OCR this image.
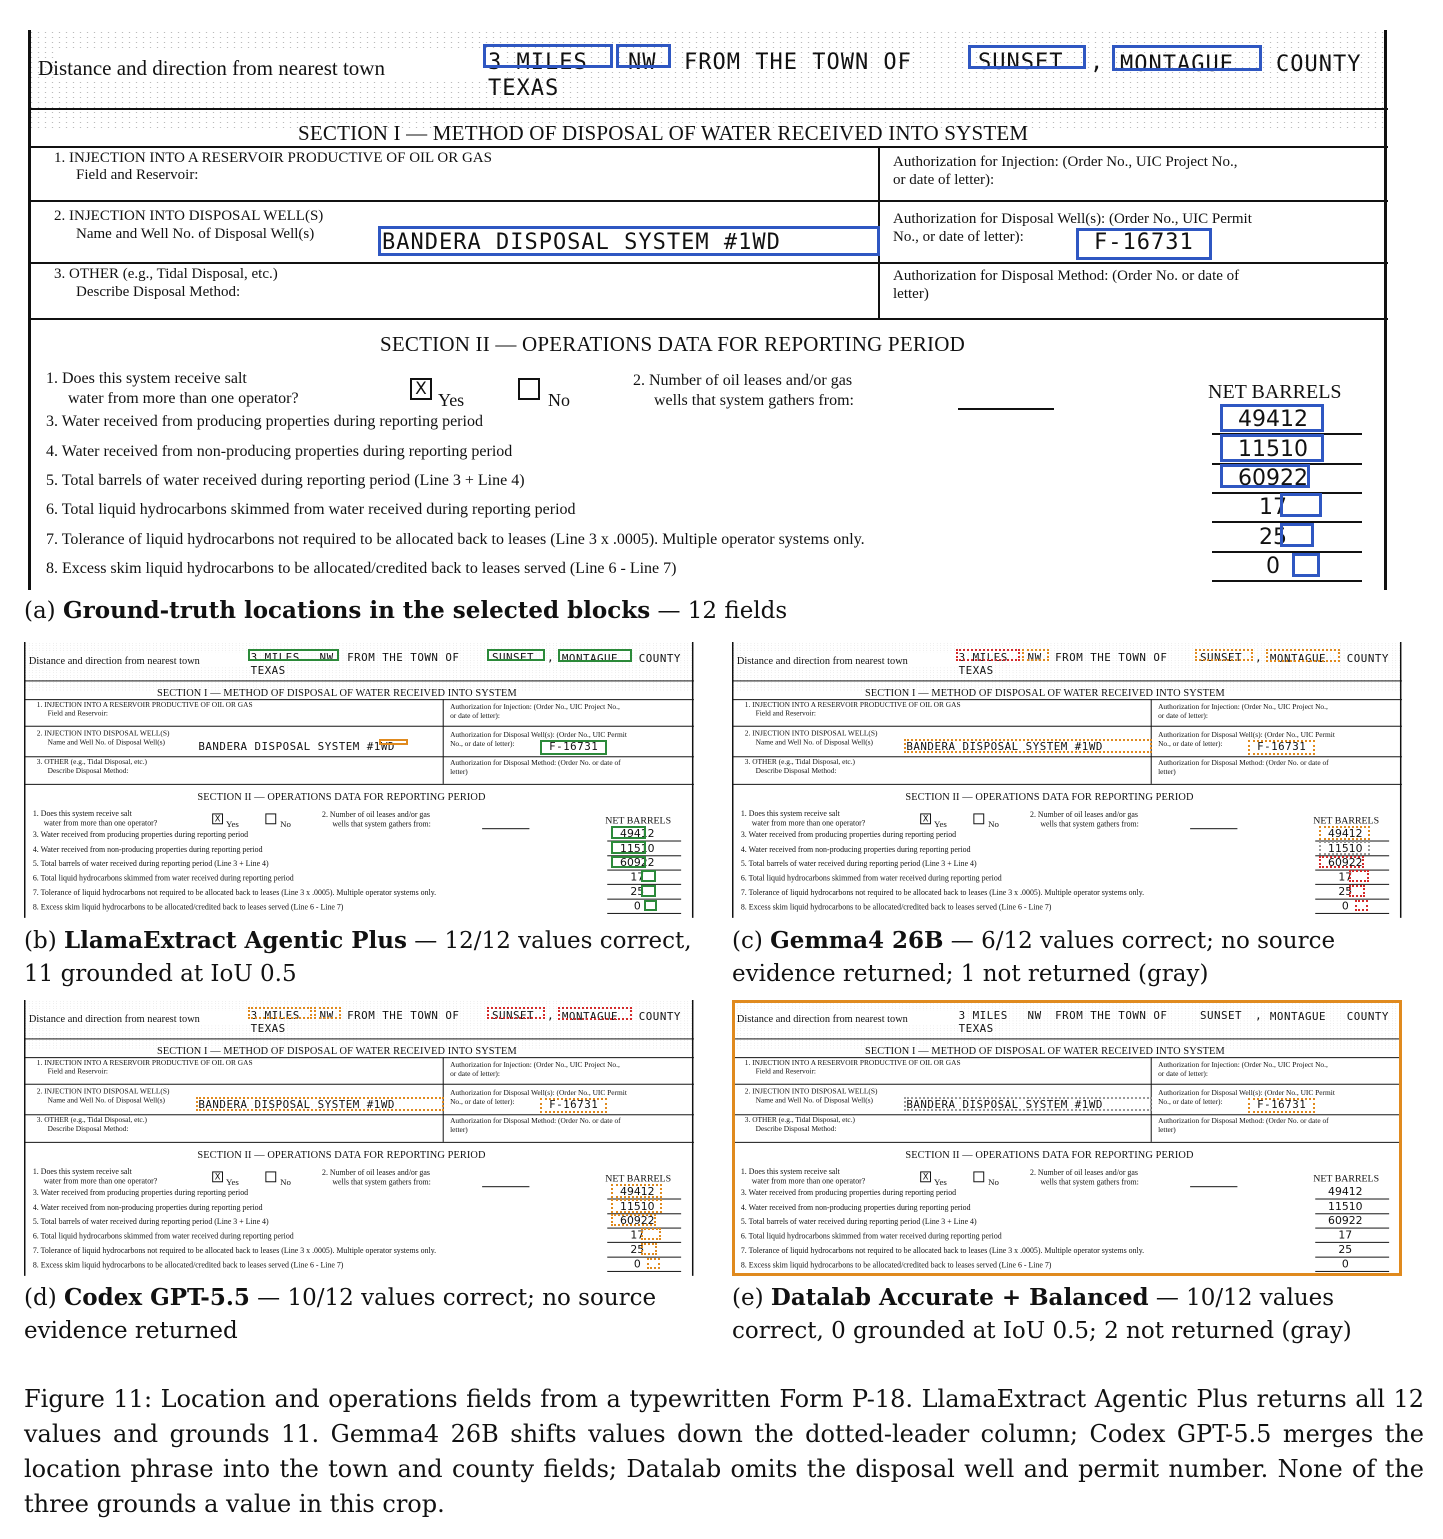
Distance and direction from nearest town	3 MILES NW FROM THE TOWN OF	SUNSET , MONTAGUE COUNTY
TEXAS
SECTION I — METHOD OF DISPOSAL OF WATER RECEIVED INTO SYSTEM
1. INJECTION INTO A RESERVOIR PRODUCTIVE OF OIL OR GAS
Field and Reservoir:
Authorization for Injection: (Order No., UIC Project No.,
or date of letter):
2. INJECTION INTO DISPOSAL WELL(S)
Name and Well No. of Disposal Well(s)	BANDERA DISPOSAL SYSTEM #1WD
Authorization for Disposal Well(s): (Order No., UIC Permit
No., or date of letter):	F-16731
3. OTHER (e.g., Tidal Disposal, etc.)
Describe Disposal Method:
Authorization for Disposal Method: (Order No. or date of
letter)
SECTION II — OPERATIONS DATA FOR REPORTING PERIOD
1. Does this system receive salt
water from more than one operator?	X
Yes	No
2. Number of oil leases and/or gas
wells that system gathers from:	NET BARRELS
3. Water received from producing properties during reporting period	49412
4. Water received from non-producing properties during reporting period	11510
5. Total barrels of water received during reporting period (Line 3 + Line 4)	60922
6. Total liquid hydrocarbons skimmed from water received during reporting period	17
7. Tolerance of liquid hydrocarbons not required to be allocated back to leases (Line 3 x .0005). Multiple operator systems only.	25
8. Excess skim liquid hydrocarbons to be allocated/credited back to leases served (Line 6 - Line 7)	0
(a) Ground-truth locations in the selected blocks — 12 fields
Distance and direction from nearest town 3 MILES NW FROM THE TOWN OF SUNSET , MONTAGUE COUNTY
TEXAS
SECTION I — METHOD OF DISPOSAL OF WATER RECEIVED INTO SYSTEM
1. INJECTION INTO A RESERVOIR PRODUCTIVE OF OIL OR GAS
Field and Reservoir:
Authorization for Injection: (Order No., UIC Project No.,
or date of letter):
2. INJECTION INTO DISPOSAL WELL(S)
Name and Well No. of Disposal Well(s) BANDERA DISPOSAL SYSTEM #1WD
Authorization for Disposal Well(s): (Order No., UIC Permit
No., or date of letter): F-16731
3. OTHER (e.g., Tidal Disposal, etc.)
Describe Disposal Method:
Authorization for Disposal Method: (Order No. or date of
letter)
SECTION II — OPERATIONS DATA FOR REPORTING PERIOD
1. Does this system receive salt
water from more than one operator?	X
Yes No
2. Number of oil leases and/or gas
wells that system gathers from:	NET BARRELS
3. Water received from producing properties during reporting period	49412
4. Water received from non-producing properties during reporting period	11510
5. Total barrels of water received during reporting period (Line 3 + Line 4)	60922
6. Total liquid hydrocarbons skimmed from water received during reporting period	17
7. Tolerance of liquid hydrocarbons not required to be allocated back to leases (Line 3 x .0005). Multiple operator systems only.	25
8. Excess skim liquid hydrocarbons to be allocated/credited back to leases served (Line 6 - Line 7)	0
(b) LlamaExtract Agentic Plus — 12/12 values correct, 11 grounded at IoU 0.5
Distance and direction from nearest town 3 MILES NW FROM THE TOWN OF SUNSET , MONTAGUE COUNTY
TEXAS
SECTION I — METHOD OF DISPOSAL OF WATER RECEIVED INTO SYSTEM
1. INJECTION INTO A RESERVOIR PRODUCTIVE OF OIL OR GAS
Field and Reservoir:
Authorization for Injection: (Order No., UIC Project No.,
or date of letter):
2. INJECTION INTO DISPOSAL WELL(S)
Name and Well No. of Disposal Well(s) BANDERA DISPOSAL SYSTEM #1WD
Authorization for Disposal Well(s): (Order No., UIC Permit
No., or date of letter): F-16731
3. OTHER (e.g., Tidal Disposal, etc.)
Describe Disposal Method:
Authorization for Disposal Method: (Order No. or date of
letter)
SECTION II — OPERATIONS DATA FOR REPORTING PERIOD
1. Does this system receive salt
water from more than one operator?	X
Yes No
2. Number of oil leases and/or gas
wells that system gathers from:	NET BARRELS
3. Water received from producing properties during reporting period	49412
4. Water received from non-producing properties during reporting period	11510
5. Total barrels of water received during reporting period (Line 3 + Line 4)	60922
6. Total liquid hydrocarbons skimmed from water received during reporting period	17
7. Tolerance of liquid hydrocarbons not required to be allocated back to leases (Line 3 x .0005). Multiple operator systems only.	25
8. Excess skim liquid hydrocarbons to be allocated/credited back to leases served (Line 6 - Line 7)	0
(c) Gemma4 26B — 6/12 values correct; no source evidence returned; 1 not returned (gray)
Distance and direction from nearest town 3 MILES NW FROM THE TOWN OF SUNSET , MONTAGUE COUNTY
TEXAS
SECTION I — METHOD OF DISPOSAL OF WATER RECEIVED INTO SYSTEM
1. INJECTION INTO A RESERVOIR PRODUCTIVE OF OIL OR GAS
Field and Reservoir:
Authorization for Injection: (Order No., UIC Project No.,
or date of letter):
2. INJECTION INTO DISPOSAL WELL(S)
Name and Well No. of Disposal Well(s) BANDERA DISPOSAL SYSTEM #1WD
Authorization for Disposal Well(s): (Order No., UIC Permit
No., or date of letter): F-16731
3. OTHER (e.g., Tidal Disposal, etc.)
Describe Disposal Method:
Authorization for Disposal Method: (Order No. or date of
letter)
SECTION II — OPERATIONS DATA FOR REPORTING PERIOD
1. Does this system receive salt
water from more than one operator?	X
Yes No
2. Number of oil leases and/or gas
wells that system gathers from:	NET BARRELS
3. Water received from producing properties during reporting period	49412
4. Water received from non-producing properties during reporting period	11510
5. Total barrels of water received during reporting period (Line 3 + Line 4)	60922
6. Total liquid hydrocarbons skimmed from water received during reporting period	17
7. Tolerance of liquid hydrocarbons not required to be allocated back to leases (Line 3 x .0005). Multiple operator systems only.	25
8. Excess skim liquid hydrocarbons to be allocated/credited back to leases served (Line 6 - Line 7)	0
(d) Codex GPT-5.5 — 10/12 values correct; no source evidence returned
Distance and direction from nearest town 3 MILES NW FROM THE TOWN OF SUNSET , MONTAGUE COUNTY
TEXAS
SECTION I — METHOD OF DISPOSAL OF WATER RECEIVED INTO SYSTEM
1. INJECTION INTO A RESERVOIR PRODUCTIVE OF OIL OR GAS
Field and Reservoir:
Authorization for Injection: (Order No., UIC Project No.,
or date of letter):
2. INJECTION INTO DISPOSAL WELL(S)
Name and Well No. of Disposal Well(s) BANDERA DISPOSAL SYSTEM #1WD
Authorization for Disposal Well(s): (Order No., UIC Permit
No., or date of letter): F-16731
3. OTHER (e.g., Tidal Disposal, etc.)
Describe Disposal Method:
Authorization for Disposal Method: (Order No. or date of
letter)
SECTION II — OPERATIONS DATA FOR REPORTING PERIOD
1. Does this system receive salt
water from more than one operator?	X
Yes No
2. Number of oil leases and/or gas
wells that system gathers from:	NET BARRELS
3. Water received from producing properties during reporting period	49412
4. Water received from non-producing properties during reporting period	11510
5. Total barrels of water received during reporting period (Line 3 + Line 4)	60922
6. Total liquid hydrocarbons skimmed from water received during reporting period	17
7. Tolerance of liquid hydrocarbons not required to be allocated back to leases (Line 3 x .0005). Multiple operator systems only.	25
8. Excess skim liquid hydrocarbons to be allocated/credited back to leases served (Line 6 - Line 7)	0
(e) Datalab Accurate + Balanced — 10/12 values correct, 0 grounded at IoU 0.5; 2 not returned (gray)
Figure 11: Location and operations fields from a typewritten Form P-18. LlamaExtract Agentic Plus returns all 12 values and grounds 11. Gemma4 26B shifts values down the dotted-leader column; Codex GPT-5.5 merges the location phrase into the town and county fields; Datalab omits the disposal well and permit number. None of the three grounds a value in this crop.
